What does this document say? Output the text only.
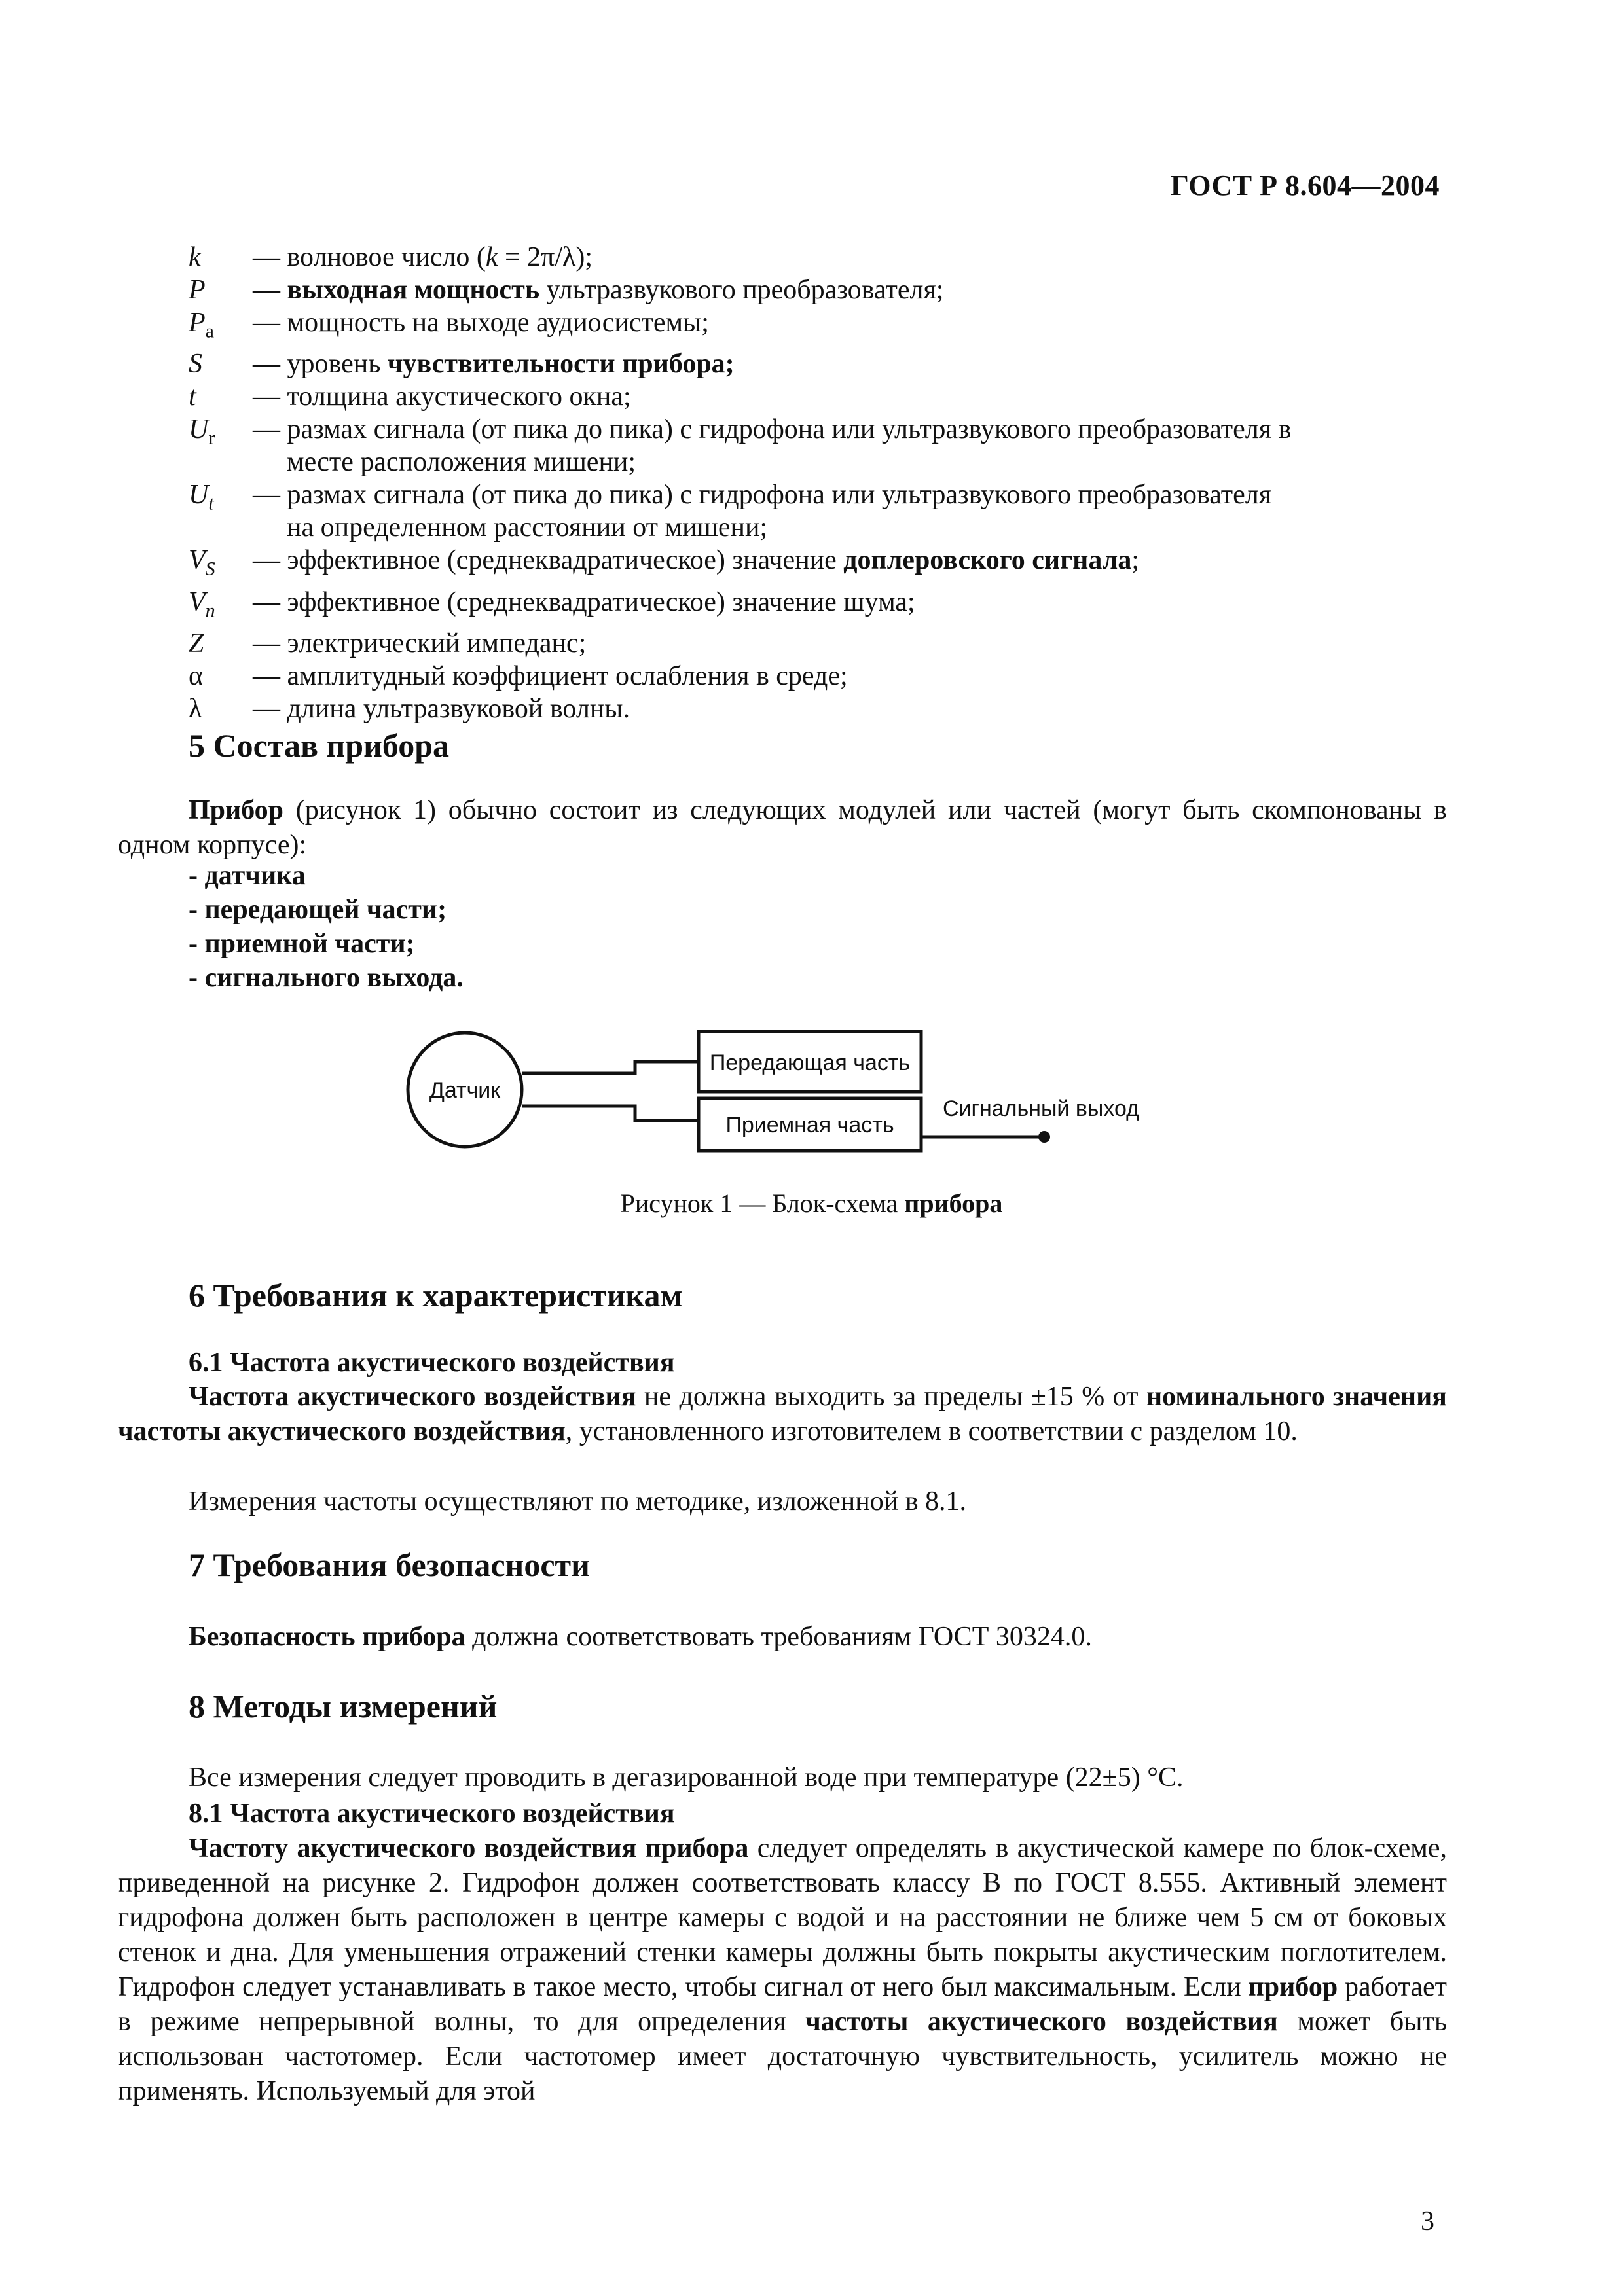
ГОСТ Р 8.604—2004
k	— волновое число (k = 2π/λ);
P	— выходная мощность ультразвукового преобразователя;
$P_a$	— мощность на выходе аудиосистемы;
S	— уровень чувствительности прибора;
t	— толщина акустического окна;
$U_r$	— размах сигнала (от пика до пика) с гидрофона или ультразвукового преобразователя в
месте расположения мишени;
$U_t$	— размах сигнала (от пика до пика) с гидрофона или ультразвукового преобразователя
на определенном расстоянии от мишени;
$V_S$	— эффективное (среднеквадратическое) значение доплеровского сигнала;
$V_n$	— эффективное (среднеквадратическое) значение шума;
Z	— электрический импеданс;
α	— амплитудный коэффициент ослабления в среде;
λ	— длина ультразвуковой волны.
5 Состав прибора
Прибор (рисунок 1) обычно состоит из следующих модулей или частей (могут быть скомпонованы в одном корпусе):
- датчика
- передающей части;
- приемной части;
- сигнального выхода.
Датчик
Передающая часть
Приемная часть
Сигнальный выход
Рисунок 1 — Блок-схема прибора
6 Требования к характеристикам
6.1 Частота акустического воздействия
Частота акустического воздействия не должна выходить за пределы ±15 % от номинального значения частоты акустического воздействия, установленного изготовителем в соответствии с разделом 10.
Измерения частоты осуществляют по методике, изложенной в 8.1.
7 Требования безопасности
Безопасность прибора должна соответствовать требованиям ГОСТ 30324.0.
8 Методы измерений
Все измерения следует проводить в дегазированной воде при температуре (22±5) °C.
8.1 Частота акустического воздействия
Частоту акустического воздействия прибора следует определять в акустической камере по блок-схеме, приведенной на рисунке 2. Гидрофон должен соответствовать классу В по ГОСТ 8.555. Активный элемент гидрофона должен быть расположен в центре камеры с водой и на расстоянии не ближе чем 5 см от боковых стенок и дна. Для уменьшения отражений стенки камеры должны быть покрыты акустическим поглотителем. Гидрофон следует устанавливать в такое место, чтобы сигнал от него был максимальным. Если прибор работает в режиме непрерывной волны, то для определения частоты акустического воздействия может быть использован частотомер. Если частотомер имеет достаточную чувствительность, усилитель можно не применять. Используемый для этой
3
